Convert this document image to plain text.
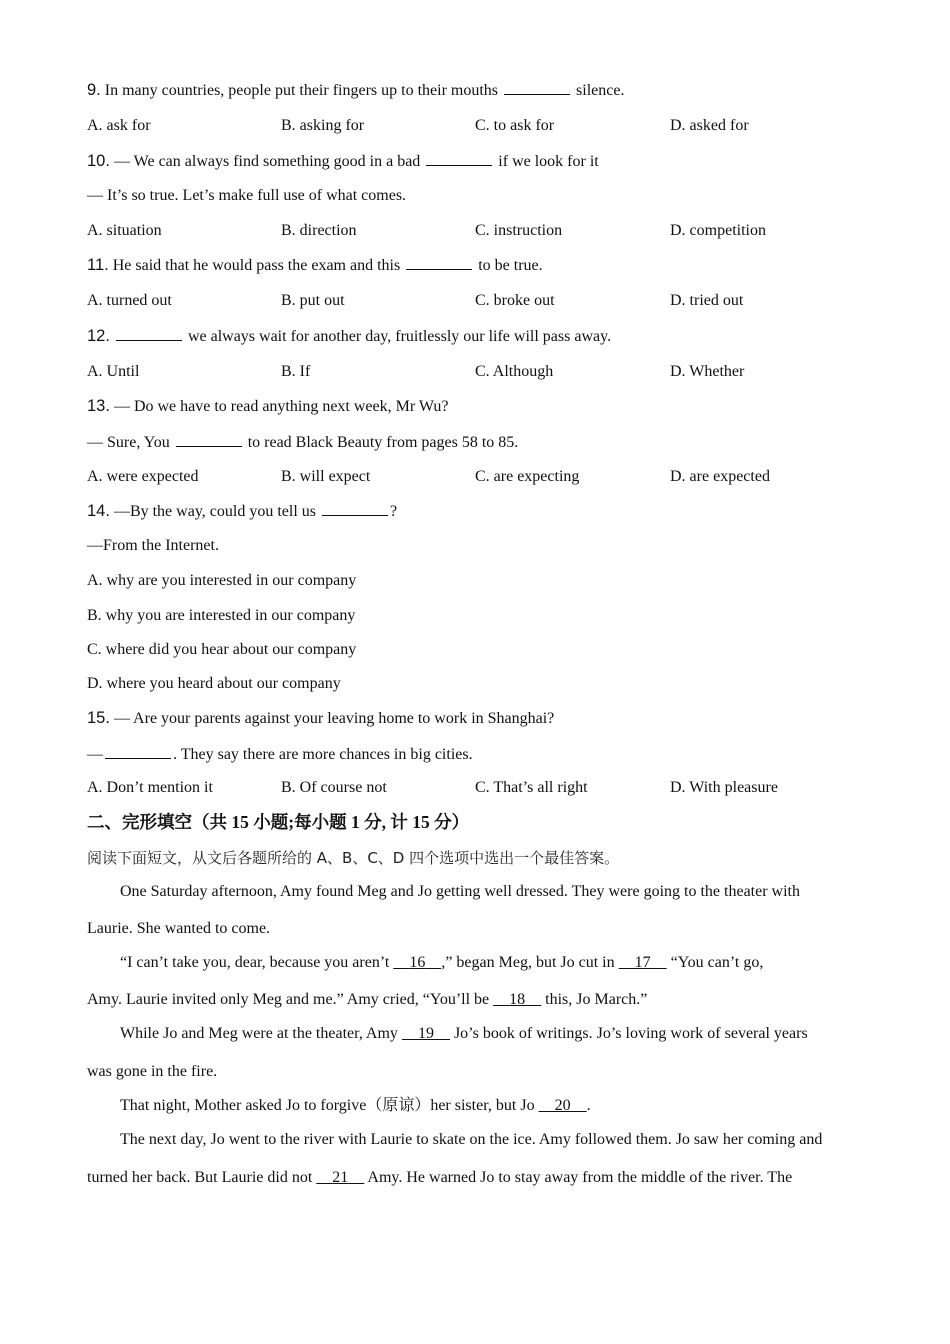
9. In many countries, people put their fingers up to their mouths	silence.
A. ask for	B. asking for	C. to ask for	D. asked for
10. — We can always find something good in a bad	if we look for it
— It’s so true. Let’s make full use of what comes.
A. situation	B. direction	C. instruction	D. competition
11. He said that he would pass the exam and this	to be true.
A. turned out	B. put out	C. broke out	D. tried out
12.	we always wait for another day, fruitlessly our life will pass away.
A. Until	B. If	C. Although	D. Whether
13. — Do we have to read anything next week, Mr Wu?
— Sure, You	to read Black Beauty from pages 58 to 85.
A. were expected	B. will expect	C. are expecting	D. are expected
14. —By the way, could you tell us	?
—From the Internet.
A. why are you interested in our company
B. why you are interested in our company
C. where did you hear about our company
D. where you heard about our company
15. — Are your parents against your leaving home to work in Shanghai?
—	. They say there are more chances in big cities.
A. Don’t mention it	B. Of course not	C. That’s all right	D. With pleasure
二、完形填空（共 15 小题;每小题 1 分, 计 15 分）
阅读下面短文，从文后各题所给的 A、B、C、D 四个选项中选出一个最佳答案。
One Saturday afternoon, Amy found Meg and Jo getting well dressed. They were going to the theater with
Laurie. She wanted to come.
“I can’t take you, dear, because you aren’t 16 ,” began Meg, but Jo cut in 17 “You can’t go,
Amy. Laurie invited only Meg and me.” Amy cried, “You’ll be 18 this, Jo March.”
While Jo and Meg were at the theater, Amy 19 Jo’s book of writings. Jo’s loving work of several years
was gone in the fire.
That night, Mother asked Jo to forgive（原谅）her sister, but Jo 20 .
The next day, Jo went to the river with Laurie to skate on the ice. Amy followed them. Jo saw her coming and
turned her back. But Laurie did not 21 Amy. He warned Jo to stay away from the middle of the river. The
